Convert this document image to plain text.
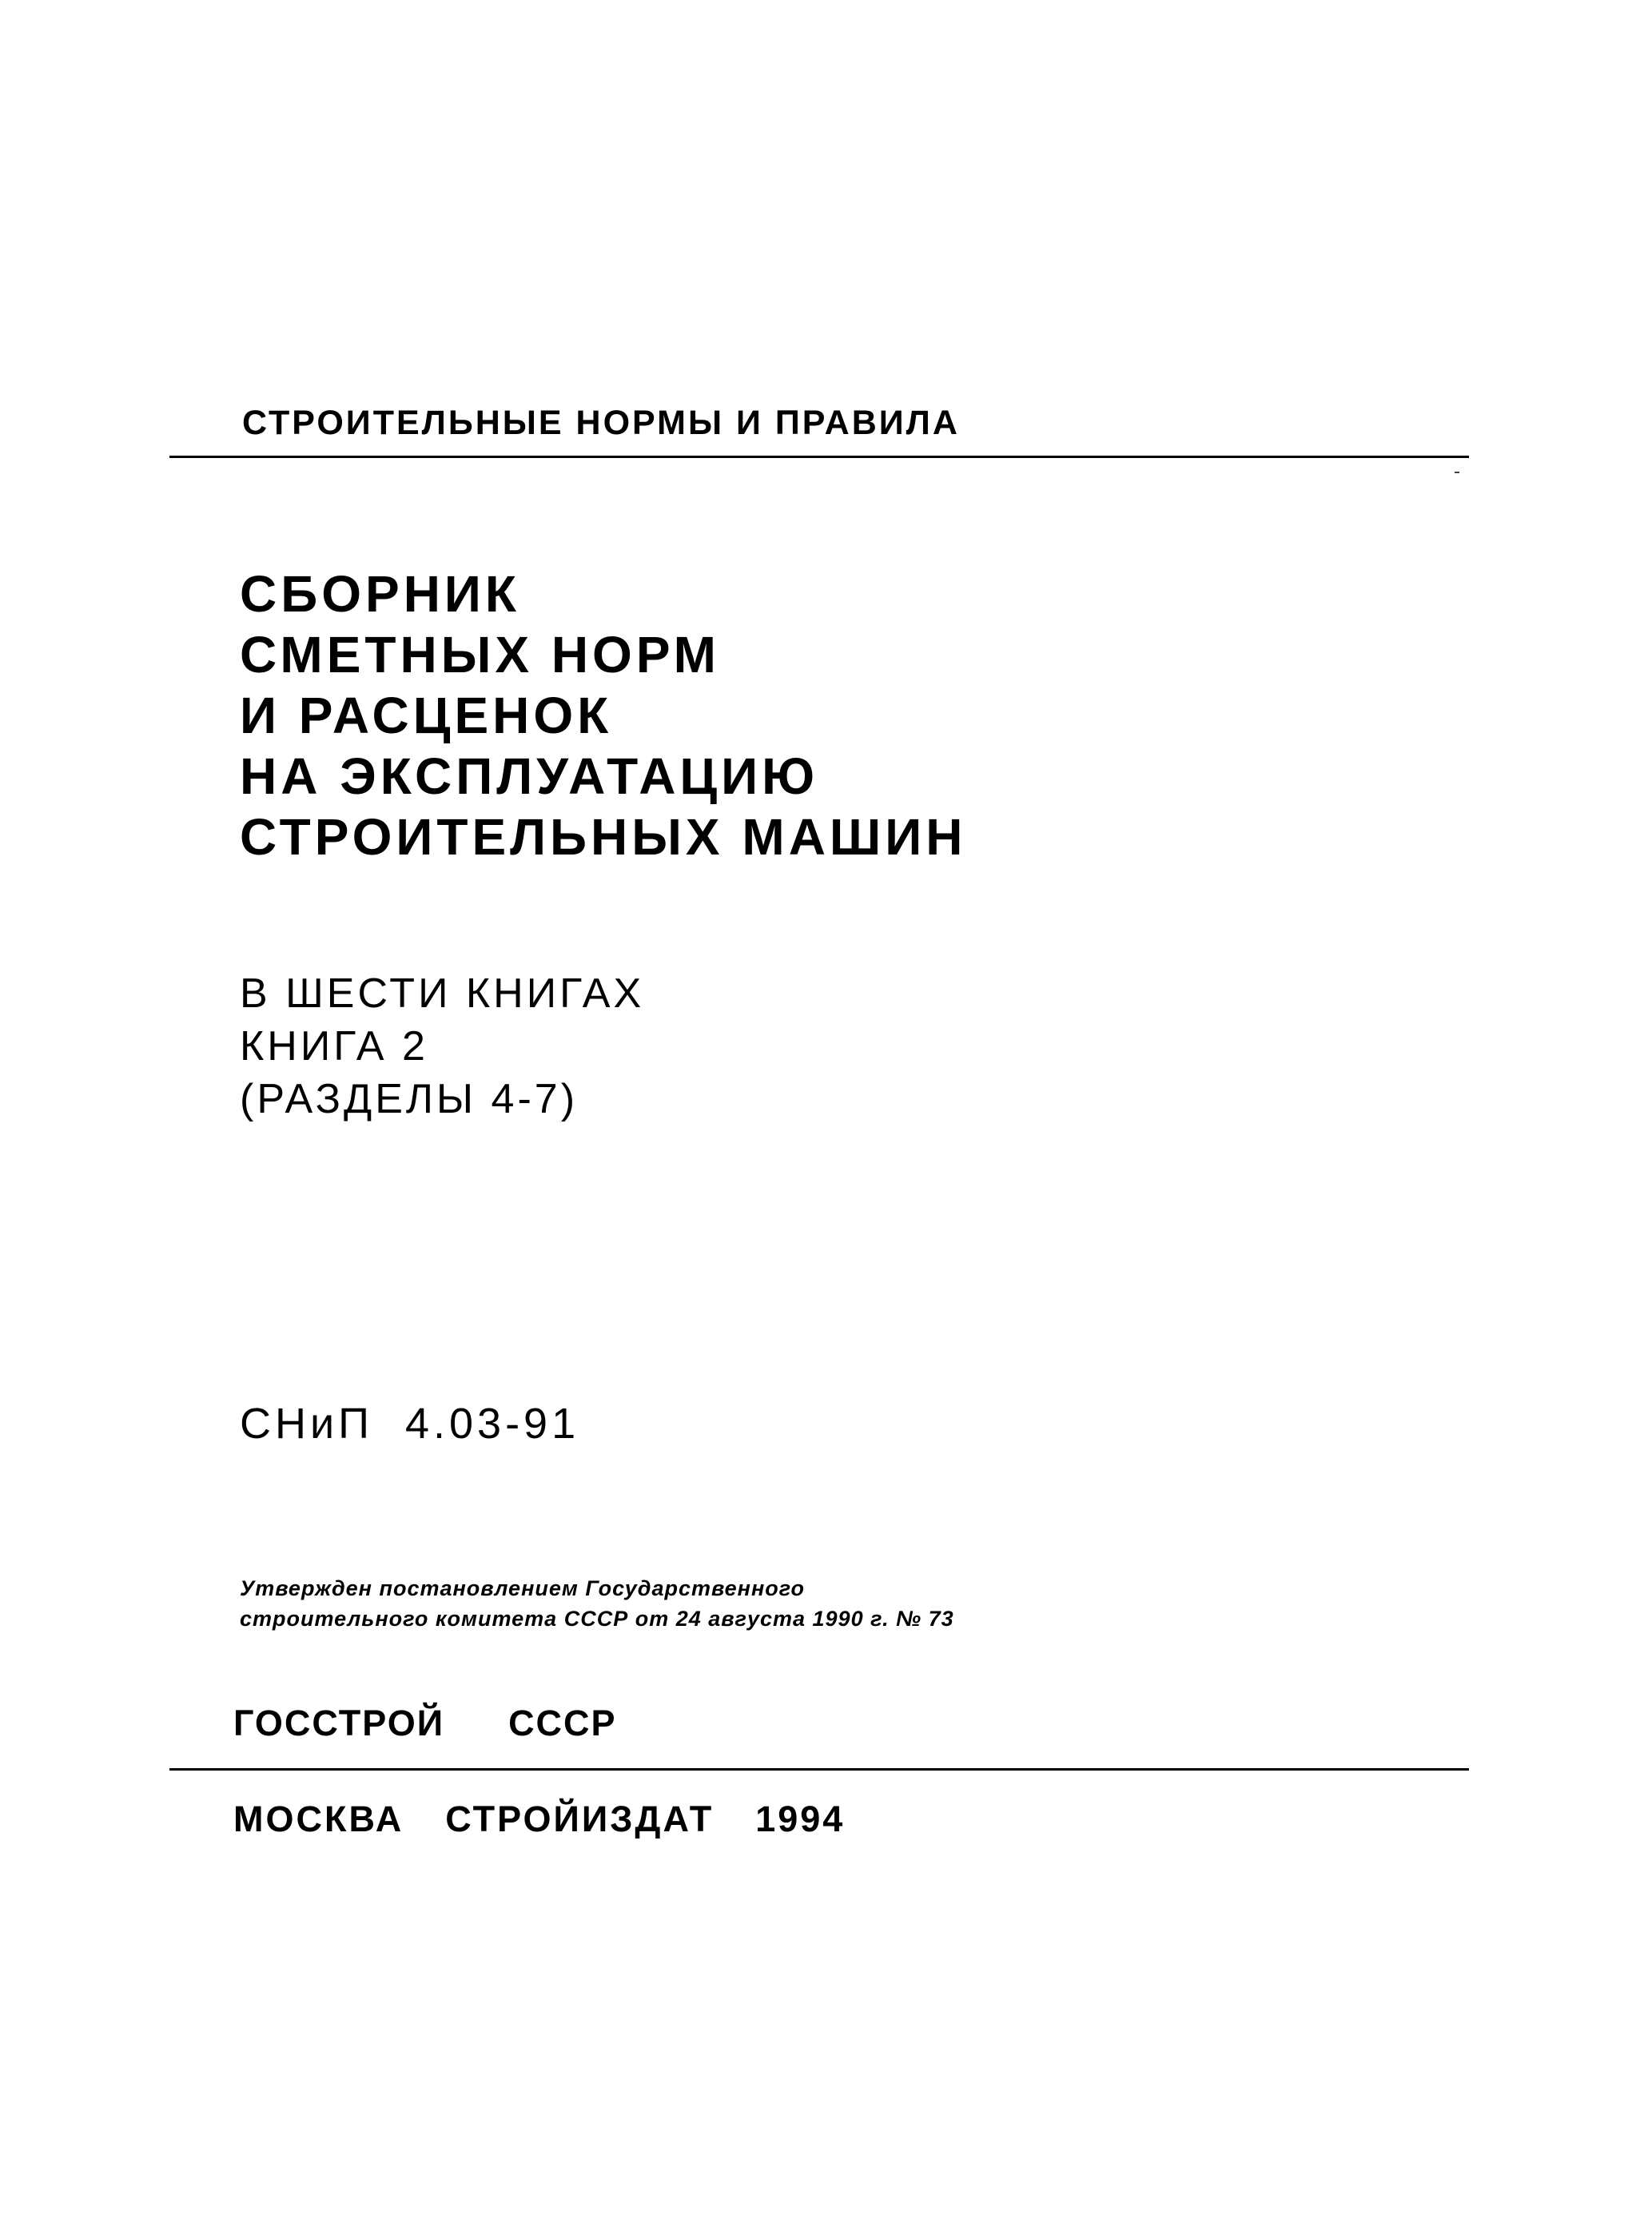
СТРОИТЕЛЬНЫЕ НОРМЫ И ПРАВИЛА
СБОРНИК
СМЕТНЫХ НОРМ
И РАСЦЕНОК
НА ЭКСПЛУАТАЦИЮ
СТРОИТЕЛЬНЫХ МАШИН
В ШЕСТИ КНИГАХ
КНИГА 2
(РАЗДЕЛЫ 4-7)
СНиП  4.03-91
Утвержден постановлением Государственного
строительного комитета СССР от 24 августа 1990 г. № 73
ГОССТРОЙ СССР
МОСКВА СТРОЙИЗДАТ 1994
